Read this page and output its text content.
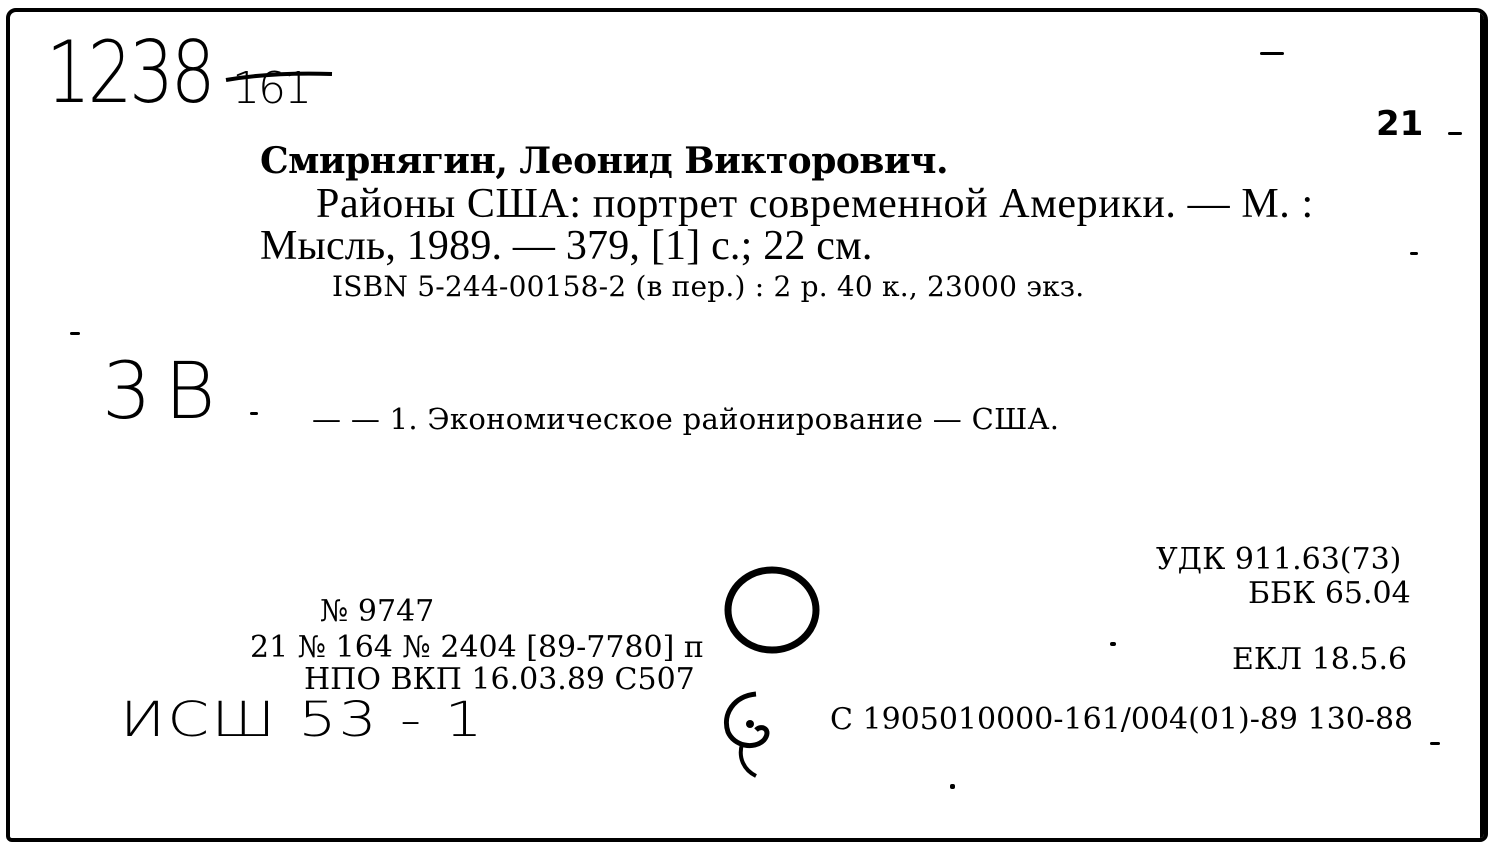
1238 161
21
Смирнягин, Леонид Викторович.
Районы США: портрет современной Америки. — М. :
Мысль, 1989. — 379, [1] с.; 22 см.
ISBN 5-244-00158-2 (в пер.) : 2 р. 40 к., 23000 экз.
3 B	— — 1. Экономическое районирование — США.
УДК 911.63(73)
ББК 65.04
№ 9747
21 № 164 № 2404 [89-7780] п
НПО ВКП 16.03.89 С507
ЕКЛ 18.5.6
ИСШ 53 - 1	С 1905010000-161/004(01)-89 130-88
